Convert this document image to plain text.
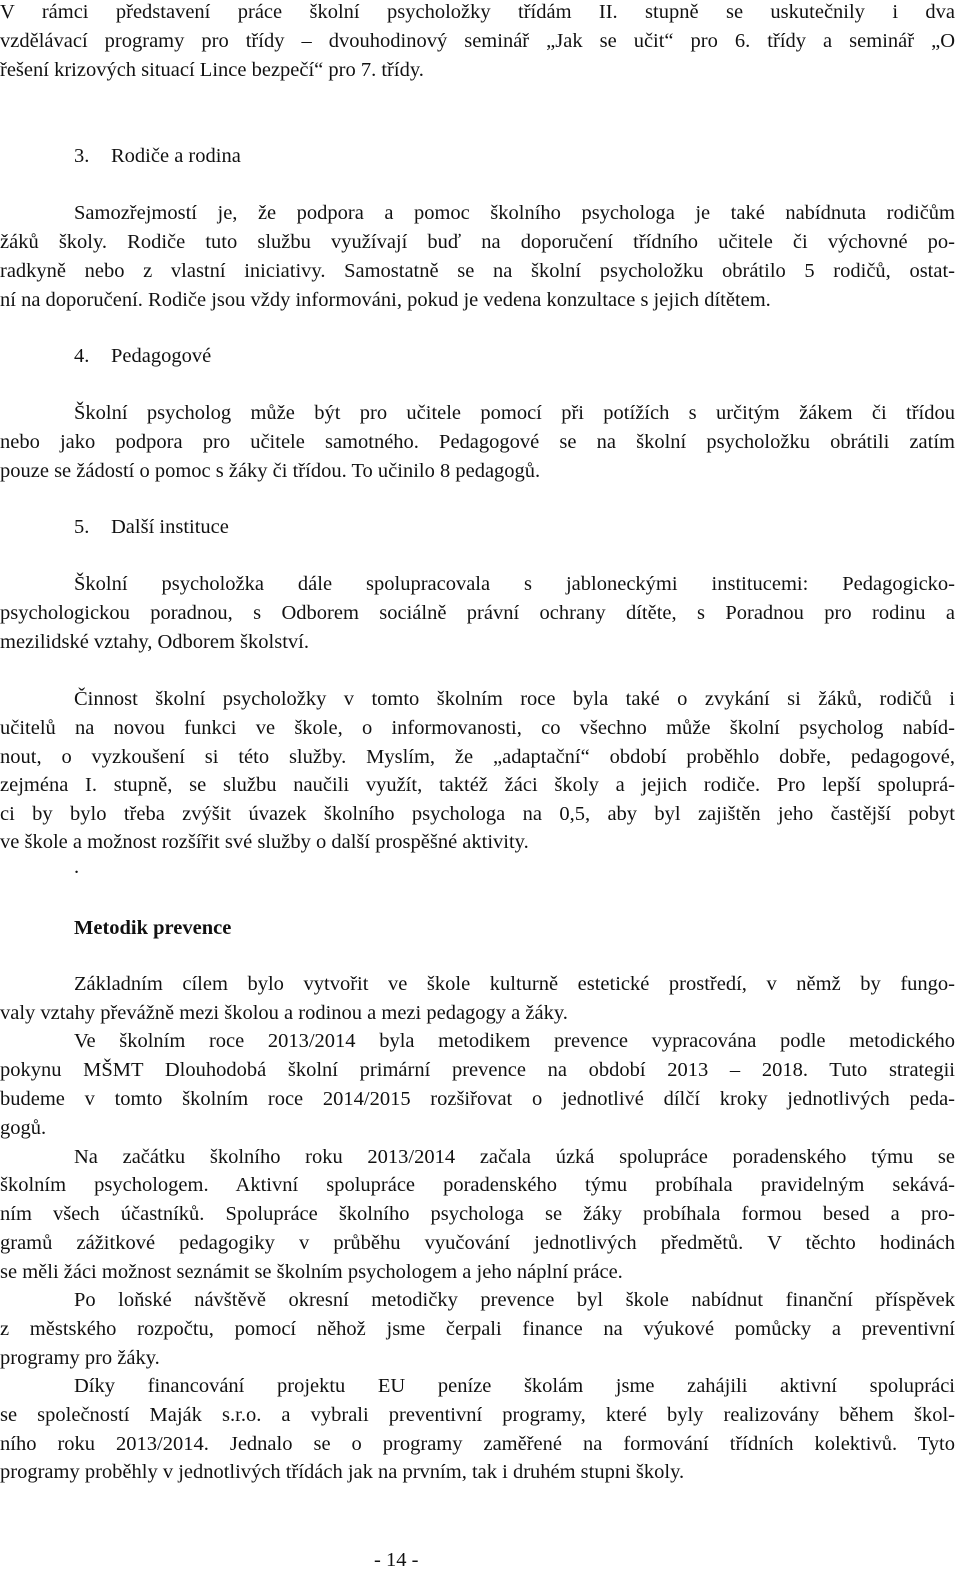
V rámci představení práce školní psycholožky třídám II. stupně se uskutečnily i dva
vzdělávací programy pro třídy – dvouhodinový seminář „Jak se učit“ pro 6. třídy a seminář „O
řešení krizových situací Lince bezpečí“ pro 7. třídy.
3. Rodiče a rodina
Samozřejmostí je, že podpora a pomoc školního psychologa je také nabídnuta rodičům
žáků školy. Rodiče tuto službu využívají buď na doporučení třídního učitele či výchovné po-
radkyně nebo z vlastní iniciativy. Samostatně se na školní psycholožku obrátilo 5 rodičů, ostat-
ní na doporučení. Rodiče jsou vždy informováni, pokud je vedena konzultace s jejich dítětem.
4. Pedagogové
Školní psycholog může být pro učitele pomocí při potížích s určitým žákem či třídou
nebo jako podpora pro učitele samotného. Pedagogové se na školní psycholožku obrátili zatím
pouze se žádostí o pomoc s žáky či třídou. To učinilo 8 pedagogů.
5. Další instituce
Školní psycholožka dále spolupracovala s jabloneckými institucemi: Pedagogicko-
psychologickou poradnou, s Odborem sociálně právní ochrany dítěte, s Poradnou pro rodinu a
mezilidské vztahy, Odborem školství.
Činnost školní psycholožky v tomto školním roce byla také o zvykání si žáků, rodičů i
učitelů na novou funkci ve škole, o informovanosti, co všechno může školní psycholog nabíd-
nout, o vyzkoušení si této služby. Myslím, že „adaptační“ období proběhlo dobře, pedagogové,
zejména I. stupně, se službu naučili využít, taktéž žáci školy a jejich rodiče. Pro lepší spoluprá-
ci by bylo třeba zvýšit úvazek školního psychologa na 0,5, aby byl zajištěn jeho častější pobyt
ve škole a možnost rozšířit své služby o další prospěšné aktivity.
.
Metodik prevence
Základním cílem bylo vytvořit ve škole kulturně estetické prostředí, v němž by fungo-
valy vztahy převážně mezi školou a rodinou a mezi pedagogy a žáky.
Ve školním roce 2013/2014 byla metodikem prevence vypracována podle metodického
pokynu MŠMT Dlouhodobá školní primární prevence na období 2013 – 2018. Tuto strategii
budeme v tomto školním roce 2014/2015 rozšiřovat o jednotlivé dílčí kroky jednotlivých peda-
gogů.
Na začátku školního roku 2013/2014 začala úzká spolupráce poradenského týmu se
školním psychologem. Aktivní spolupráce poradenského týmu probíhala pravidelným sekává-
ním všech účastníků. Spolupráce školního psychologa se žáky probíhala formou besed a pro-
gramů zážitkové pedagogiky v průběhu vyučování jednotlivých předmětů. V těchto hodinách
se měli žáci možnost seznámit se školním psychologem a jeho náplní práce.
Po loňské návštěvě okresní metodičky prevence byl škole nabídnut finanční příspěvek
z městského rozpočtu, pomocí něhož jsme čerpali finance na výukové pomůcky a preventivní
programy pro žáky.
Díky financování projektu EU peníze školám jsme zahájili aktivní spolupráci
se společností Maják s.r.o. a vybrali preventivní programy, které byly realizovány během škol-
ního roku 2013/2014. Jednalo se o programy zaměřené na formování třídních kolektivů. Tyto
programy proběhly v jednotlivých třídách jak na prvním, tak i druhém stupni školy.
- 14 -
